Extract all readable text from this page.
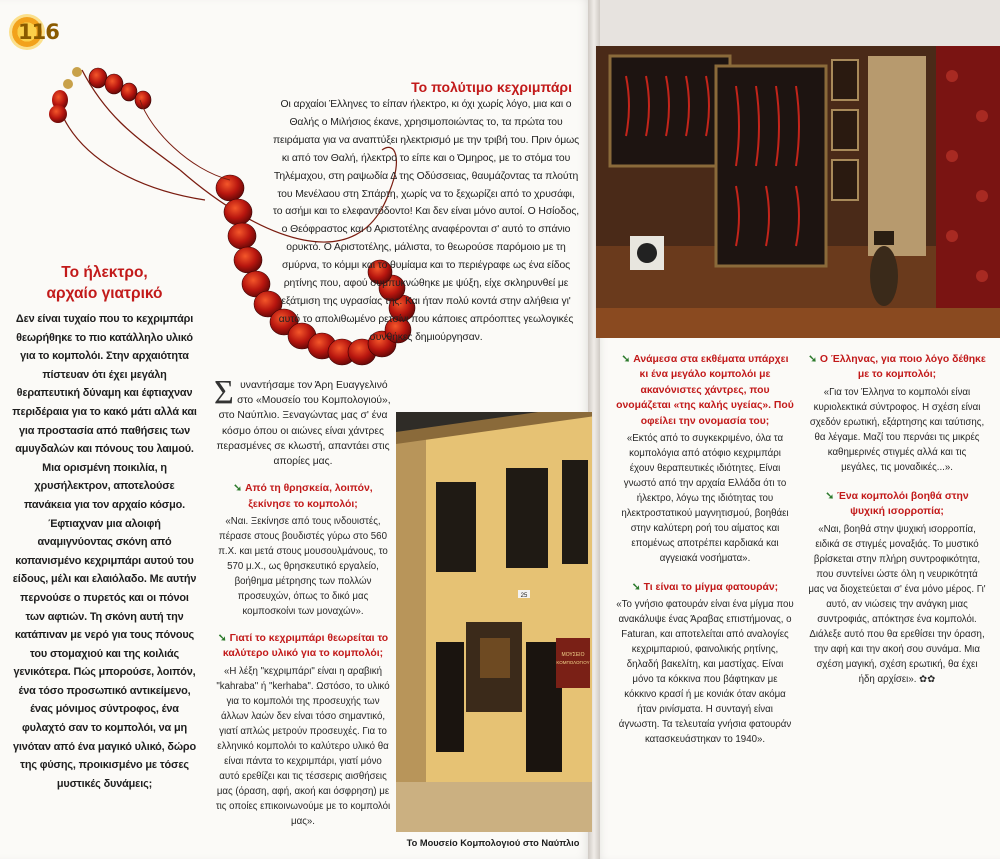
116
Το πολύτιμο κεχριμπάρι

Οι αρχαίοι Έλληνες το είπαν ήλεκτρο, κι όχι χωρίς λόγο, μια και ο Θαλής ο Μιλήσιος έκανε, χρησιμοποιώντας το, τα πρώτα του πειράματα για να αναπτύξει ηλεκτρισμό με την τριβή του. Πριν όμως κι από τον Θαλή, ήλεκτρο το είπε και ο Όμηρος, με το στόμα του Τηλέμαχου, στη ραψωδία Δ της Οδύσσειας, θαυμάζοντας τα πλούτη του Μενέλαου στη Σπάρτη, χωρίς να το ξεχωρίζει από το χρυσάφι, το ασήμι και το ελεφαντόδοντο! Και δεν είναι μόνο αυτοί. Ο Ησίοδος, ο Θεόφραστος και ο Αριστοτέλης αναφέρονται σ' αυτό το σπάνιο ορυκτό. Ο Αριστοτέλης, μάλιστα, το θεωρούσε παρόμοιο με τη σμύρνα, το κόμμι και το θυμίαμα και το περιέγραφε ως ένα είδος ρητίνης που, αφού συμπυκνώθηκε με ψύξη, είχε σκληρυνθεί με εξάτμιση της υγρασίας της. Και ήταν πολύ κοντά στην αλήθεια γι' αυτό το απολιθωμένο ρετσίνι που κάποιες απρόοπτες γεωλογικές συνθήκες δημιούργησαν.

Το ήλεκτρο,
αρχαίο γιατρικό

Δεν είναι τυχαίο που το κεχριμπάρι θεωρήθηκε το πιο κατάλληλο υλικό για το κομπολόι. Στην αρχαιότητα πίστευαν ότι έχει μεγάλη θεραπευτική δύναμη και έφτιαχναν περιδέραια για το κακό μάτι αλλά και για προστασία από παθήσεις των αμυγδαλών και πόνους του λαιμού. Μια ορισμένη ποικιλία, η χρυσήλεκτρον, αποτελούσε πανάκεια για τον αρχαίο κόσμο. Έφτιαχναν μια αλοιφή αναμιγνύοντας σκόνη από κοπανισμένο κεχριμπάρι αυτού του είδους, μέλι και ελαιόλαδο. Με αυτήν περνούσε ο πυρετός και οι πόνοι των αφτιών. Τη σκόνη αυτή την κατάπιναν με νερό για τους πόνους του στομαχιού και της κοιλιάς γενικότερα. Πώς μπορούσε, λοιπόν, ένα τόσο προσωπικό αντικείμενο, ένας μόνιμος σύντροφος, ένα φυλαχτό σαν το κομπολόι, να μη γινόταν από ένα μαγικό υλικό, δώρο της φύσης, προικισμένο με τόσες μυστικές δυνάμεις;

Συναντήσαμε τον Άρη Ευαγγελινό στο «Μουσείο του Κομπολογιού», στο Ναύπλιο. Ξεναγώντας μας σ' ένα κόσμο όπου οι αιώνες είναι χάντρες περασμένες σε κλωστή, απαντάει στις απορίες μας.

➘ Από τη θρησκεία, λοιπόν, ξεκίνησε το κομπολόι;

«Ναι. Ξεκίνησε από τους ινδουιστές, πέρασε στους βουδιστές γύρω στο 560 π.Χ. και μετά στους μουσουλμάνους, το 570 μ.Χ., ως θρησκευτικό εργαλείο, βοήθημα μέτρησης των πολλών προσευχών, όπως το δικό μας κομποσκοίνι των μοναχών».

➘ Γιατί το κεχριμπάρι θεωρείται το καλύτερο υλικό για το κομπολόι;

«Η λέξη "κεχριμπάρι" είναι η αραβική "kahraba" ή "kerhaba". Ωστόσο, το υλικό για το κομπολόι της προσευχής των άλλων λαών δεν είναι τόσο σημαντικό, γιατί απλώς μετρούν προσευχές. Για το ελληνικό κομπολόι το καλύτερο υλικό θα είναι πάντα το κεχριμπάρι, γιατί μόνο αυτό ερεθίζει και τις τέσσερις αισθήσεις μας (όραση, αφή, ακοή και όσφρηση) με τις οποίες επικοινωνούμε με το κομπολόι μας».

ΜΟΥΣΕΙΟ
ΚΟΜΠΟΛΟΓΙΟΥ
25
Το Μουσείο Κομπολογιού στο Ναύπλιο

➘ Ανάμεσα στα εκθέματα υπάρχει κι ένα μεγάλο κομπολόι με ακανόνιστες χάντρες, που ονομάζεται «της καλής υγείας». Πού οφείλει την ονομασία του;

«Εκτός από το συγκεκριμένο, όλα τα κομπολόγια από ατόφιο κεχριμπάρι έχουν θεραπευτικές ιδιότητες. Είναι γνωστό από την αρχαία Ελλάδα ότι το ήλεκτρο, λόγω της ιδιότητας του ηλεκτροστατικού μαγνητισμού, βοηθάει στην καλύτερη ροή του αίματος και επομένως αποτρέπει καρδιακά και αγγειακά νοσήματα».

➘ Τι είναι το μίγμα φατουράν;

«Το γνήσιο φατουράν είναι ένα μίγμα που ανακάλυψε ένας Άραβας επιστήμονας, ο Faturan, και αποτελείται από αναλογίες κεχριμπαριού, φαινολικής ρητίνης, δηλαδή βακελίτη, και μαστίχας. Είναι μόνο τα κόκκινα που βάφτηκαν με κόκκινο κρασί ή με κονιάκ όταν ακόμα ήταν ρινίσματα. Η συνταγή είναι άγνωστη. Τα τελευταία γνήσια φατουράν κατασκευάστηκαν το 1940».

➘ Ο Έλληνας, για ποιο λόγο δέθηκε με το κομπολόι;

«Για τον Έλληνα το κομπολόι είναι κυριολεκτικά σύντροφος. Η σχέση είναι σχεδόν ερωτική, εξάρτησης και ταύτισης, θα λέγαμε. Μαζί του περνάει τις μικρές καθημερινές στιγμές αλλά και τις μεγάλες, τις μοναδικές...».

➘ Ένα κομπολόι βοηθά στην ψυχική ισορροπία;

«Ναι, βοηθά στην ψυχική ισορροπία, ειδικά σε στιγμές μοναξιάς. Το μυστικό βρίσκεται στην πλήρη συντροφικότητα, που συντείνει ώστε όλη η νευρικότητά μας να διοχετεύεται σ' ένα μόνο μέρος. Γι' αυτό, αν νιώσεις την ανάγκη μιας συντροφιάς, απόκτησε ένα κομπολόι. Διάλεξε αυτό που θα ερεθίσει την όραση, την αφή και την ακοή σου συνάμα. Μια σχέση μαγική, σχέση ερωτική, θα έχει ήδη αρχίσει». ✿✿
